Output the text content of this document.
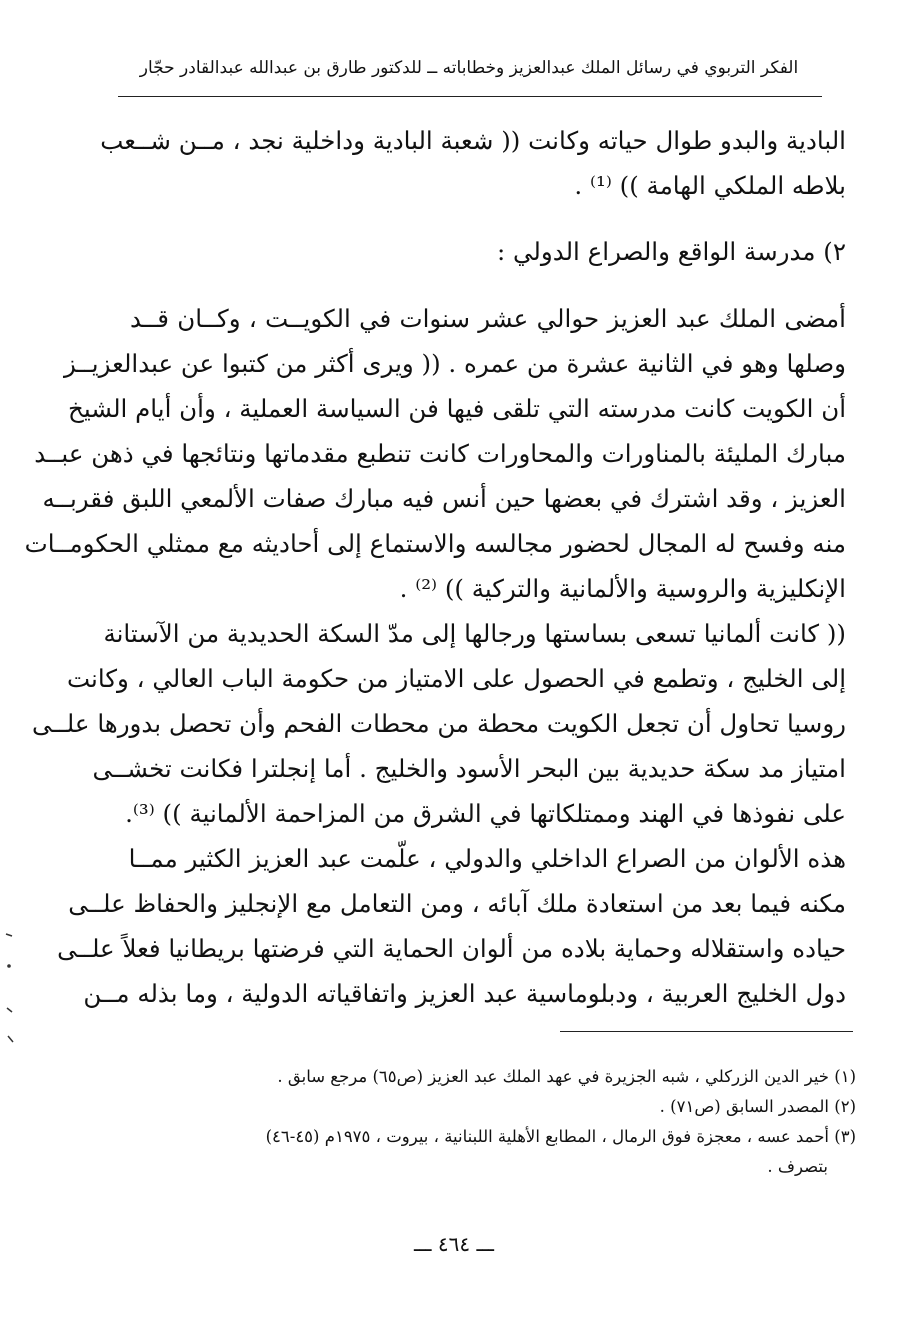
الفكر التربوي في رسائل الملك عبدالعزيز وخطاباته ــ للدكتور طارق بن عبدالله عبدالقادر حجّار
البادية والبدو طوال حياته وكانت (( شعبة البادية وداخلية نجد ، مــن شــعب
بلاطه الملكي الهامة )) ⁽¹⁾ .
٢) مدرسة الواقع والصراع الدولي :
أمضى الملك عبد العزيز حوالي عشر سنوات في الكويــت ، وكــان قــد
وصلها وهو في الثانية عشرة من عمره . (( ويرى أكثر من كتبوا عن عبدالعزيــز
أن الكويت كانت مدرسته التي تلقى فيها فن السياسة العملية ، وأن أيام الشيخ
مبارك المليئة بالمناورات والمحاورات كانت تنطبع مقدماتها ونتائجها في ذهن عبــد
العزيز ، وقد اشترك في بعضها حين أنس فيه مبارك صفات الألمعي اللبق فقربــه
منه وفسح له المجال لحضور مجالسه والاستماع إلى أحاديثه مع ممثلي الحكومــات
الإنكليزية والروسية والألمانية والتركية )) ⁽²⁾ .
(( كانت ألمانيا تسعى بساستها ورجالها إلى مدّ السكة الحديدية من الآستانة
إلى الخليج ، وتطمع في الحصول على الامتياز من حكومة الباب العالي ، وكانت
روسيا تحاول أن تجعل الكويت محطة من محطات الفحم وأن تحصل بدورها علــى
امتياز مد سكة حديدية بين البحر الأسود والخليج . أما إنجلترا فكانت تخشــى
على نفوذها في الهند وممتلكاتها في الشرق من المزاحمة الألمانية )) ⁽³⁾.
هذه الألوان من الصراع الداخلي والدولي ، علّمت عبد العزيز الكثير ممــا
مكنه فيما بعد من استعادة ملك آبائه ، ومن التعامل مع الإنجليز والحفاظ علــى
حياده واستقلاله وحماية بلاده من ألوان الحماية التي فرضتها بريطانيا فعلاً علــى
دول الخليج العربية ، ودبلوماسية عبد العزيز واتفاقياته الدولية ، وما بذله مــن
(١) خير الدين الزركلي ، شبه الجزيرة في عهد الملك عبد العزيز (ص٦٥) مرجع سابق .
(٢) المصدر السابق (ص٧١) .
(٣) أحمد عسه ، معجزة فوق الرمال ، المطابع الأهلية اللبنانية ، بيروت ، ١٩٧٥م (٤٥-٤٦)
بتصرف .
ـــ ٤٦٤ ـــ
